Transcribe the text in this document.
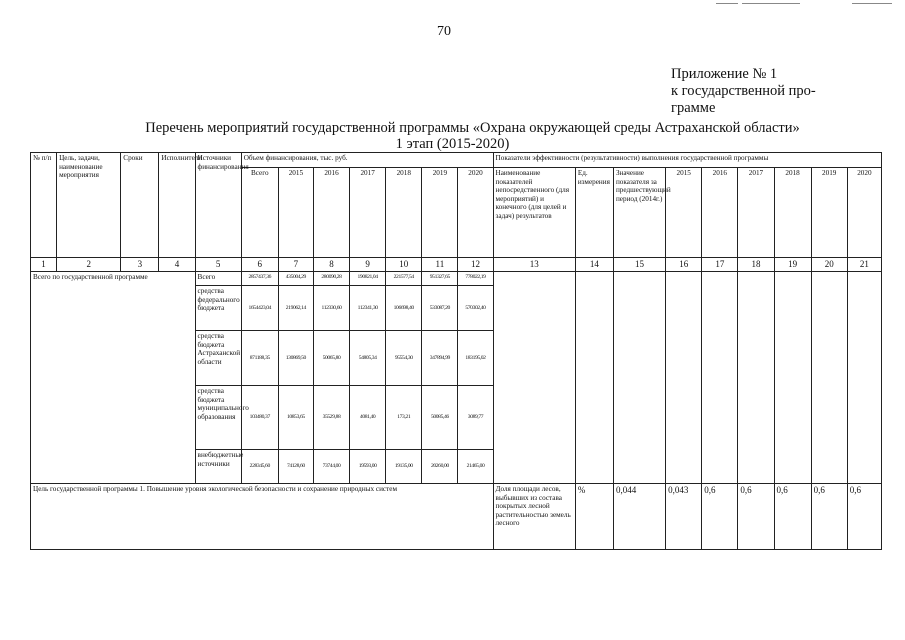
70
Приложение № 1
к государственной про-
грамме
Перечень мероприятий государственной программы «Охрана окружающей среды Астраханской области»
1 этап (2015-2020)
№ п/п	Цель, задачи, наименование мероприятия	Сроки	Исполнители	Источники финансирования	Объем финансирования, тыс. руб.							Показатели эффективности (результативности) выполнения государственной программы								
					Всего	2015	2016	2017	2018	2019	2020	Наименование показателей непосредственного (для мероприятий) и конечного (для целей и задач) результатов	Ед. измерения	Значение показателя за предшествующий период (2014г.)	2015	2016	2017	2018	2019	2020
1	2	3	4	5	6	7	8	9	10	11	12	13	14	15	16	17	18	19	20	21
Всего по государственной программе				Всего	2857437,36	435004,29	280090,28	190821,04	221577,54	951327,65	778022,19									
				средства федерального бюджета	1654423,04	219062,14	112330,60	112341,30	106698,40	533087,20	570302,40									
				средства бюджета Астраханской области	871188,35	130869,50	50065,80	54805,34	95554,30	347894,99	183195,02									
				средства бюджета муниципального образования	103480,37	10853,65	35529,88	4081,40	173,21	50085,46	3089,77									
				внебюджетные источники	228345,60	74128,60	73744,00	19593,00	19135,00	20260,00	21465,00									
Цель государственной программы 1. Повышение уровня экологической безопасности и сохранение природных систем												Доля площади лесов, выбывших из состава покрытых лесной растительностью земель лесного	%	0,044	0,043	0,6	0,6	0,6	0,6	0,6
